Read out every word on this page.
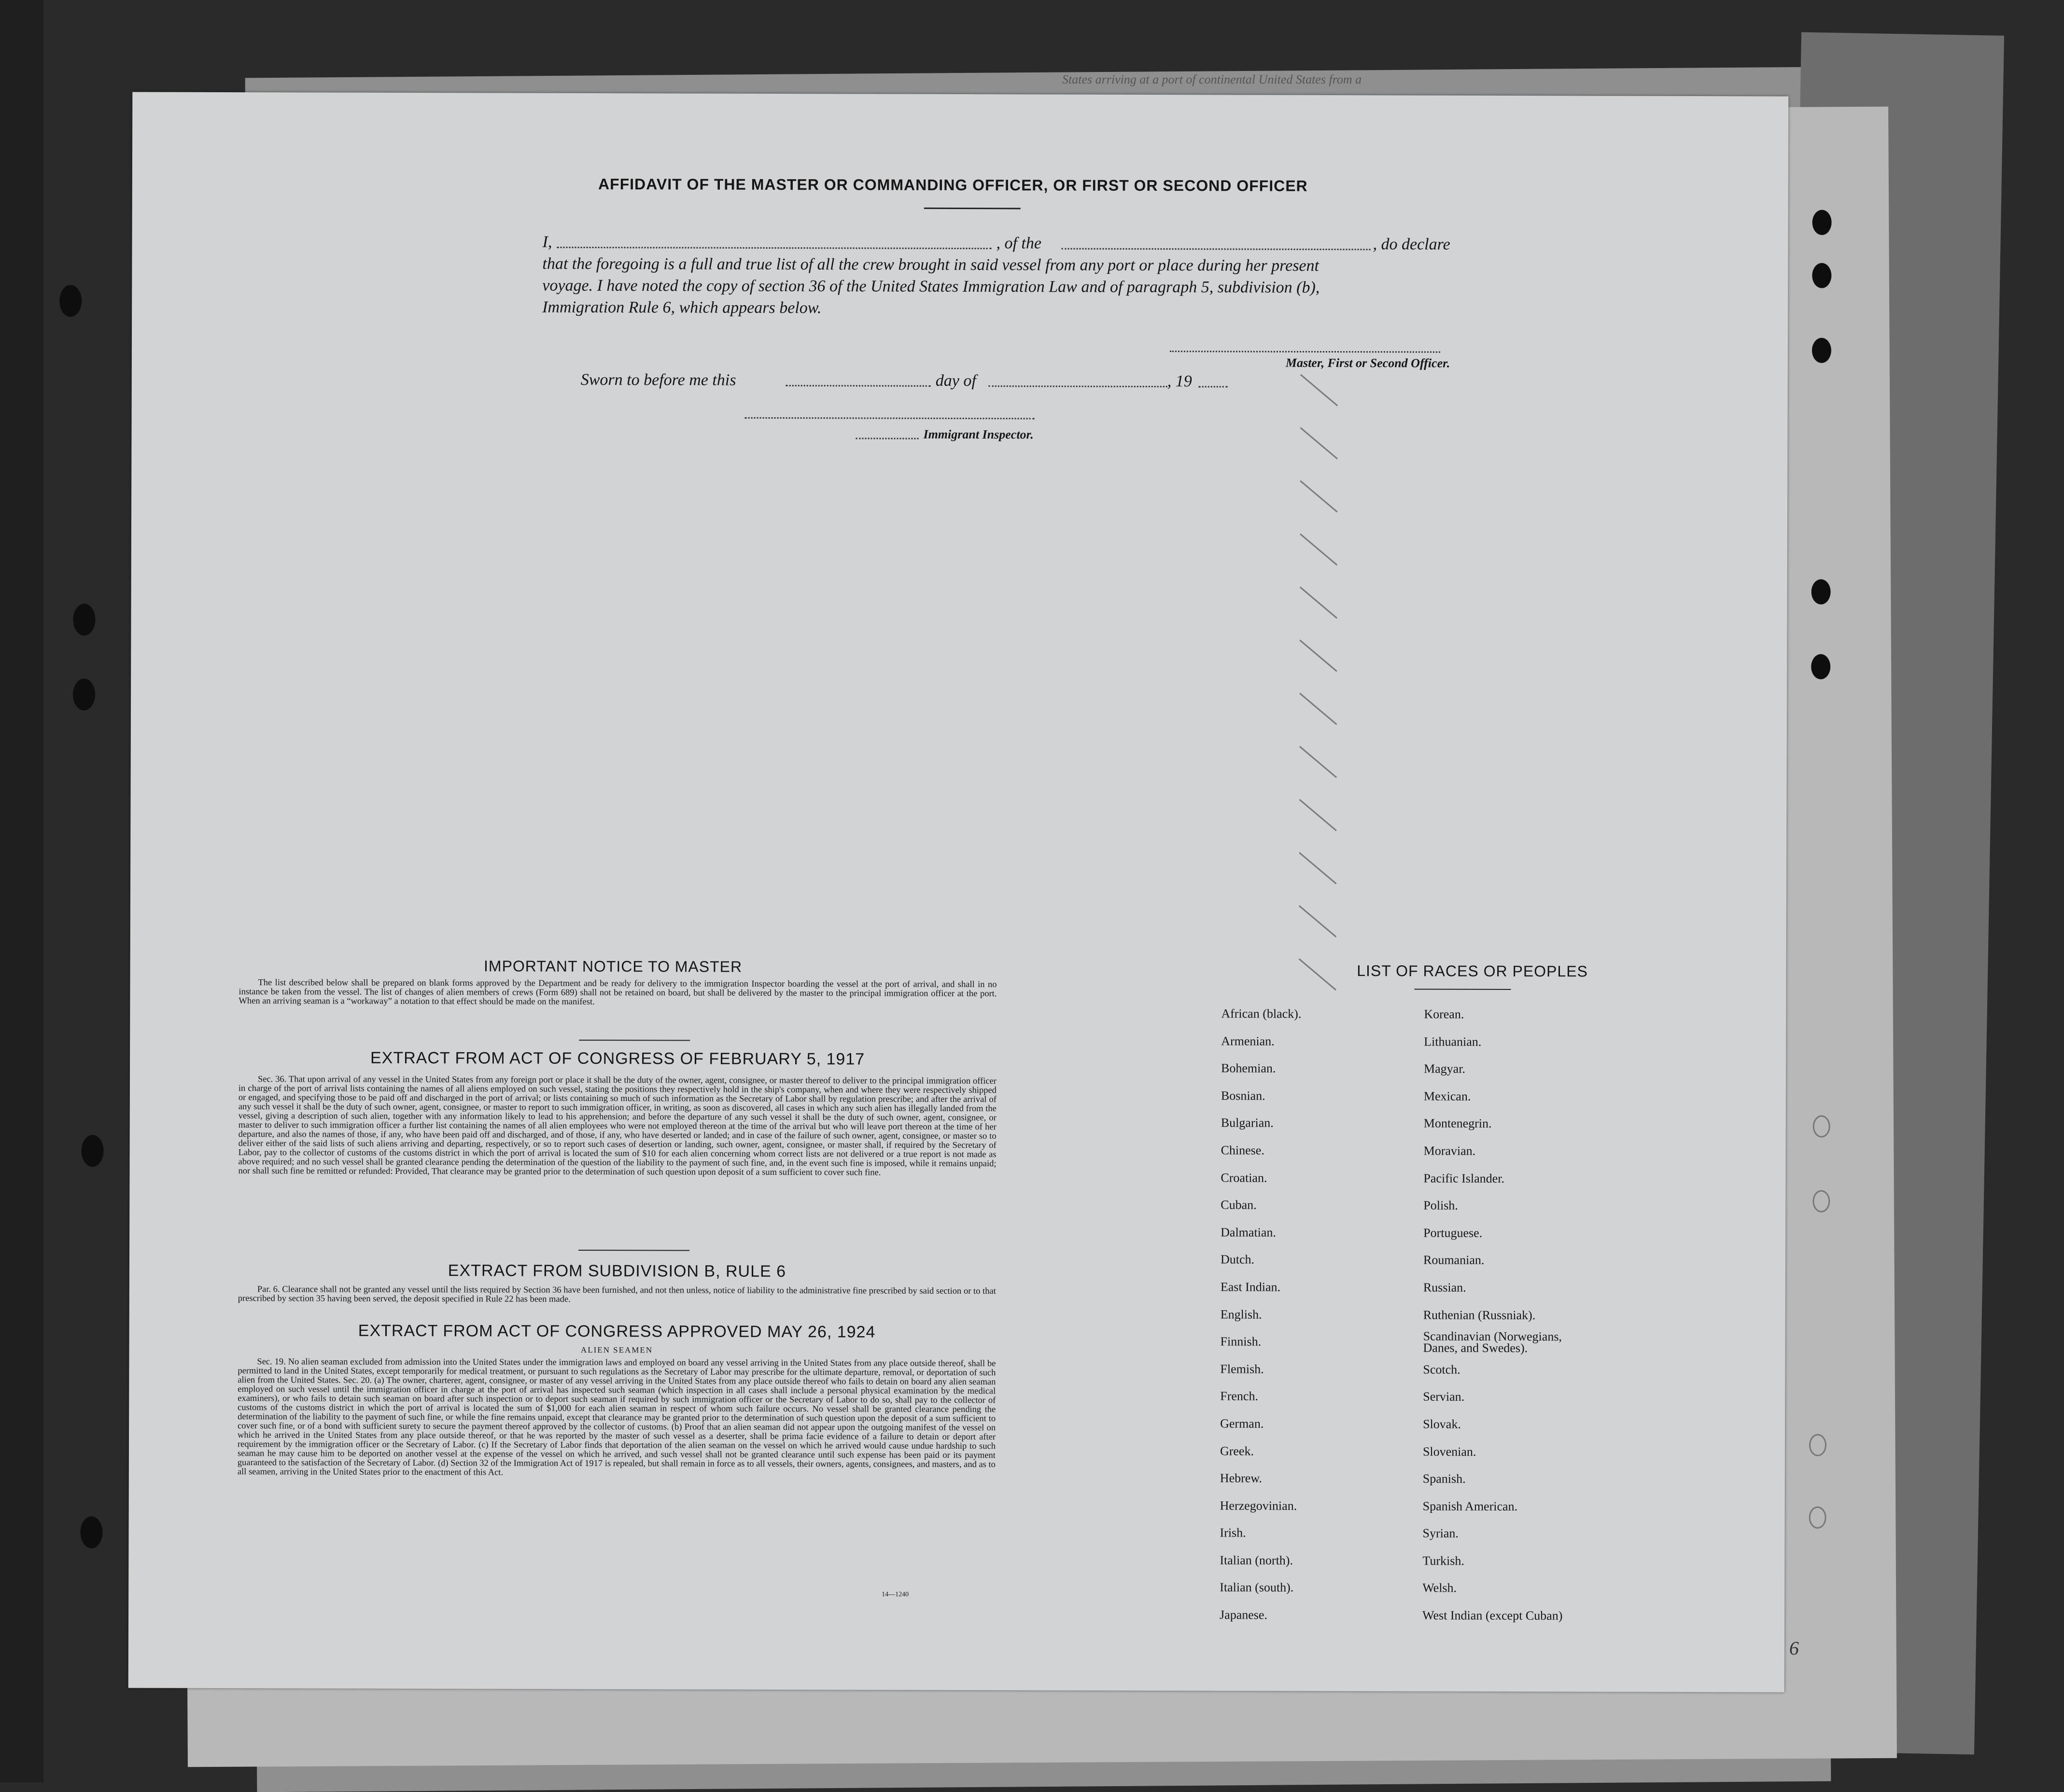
States arriving at a port of continental United States from a
AFFIDAVIT OF THE MASTER OR COMMANDING OFFICER, OR FIRST OR SECOND OFFICER
I,	, of the	, do declare
that the foregoing is a full and true list of all the crew brought in said vessel from any port or place during her present
voyage. I have noted the copy of section 36 of the United States Immigration Law and of paragraph 5, subdivision (b),
Immigration Rule 6, which appears below.
Master, First or Second Officer.
Sworn to before me this	day of	, 19
Immigrant Inspector.
IMPORTANT NOTICE TO MASTER

The list described below shall be prepared on blank forms approved by the Department and be ready for delivery to the immigration Inspector boarding the vessel at the port of arrival, and shall in no instance be taken from the vessel. The list of changes of alien members of crews (Form 689) shall not be retained on board, but shall be delivered by the master to the principal immigration officer at the port. When an arriving seaman is a “workaway” a notation to that effect should be made on the manifest.

EXTRACT FROM ACT OF CONGRESS OF FEBRUARY 5, 1917

Sec. 36. That upon arrival of any vessel in the United States from any foreign port or place it shall be the duty of the owner, agent, consignee, or master thereof to deliver to the principal immigration officer in charge of the port of arrival lists containing the names of all aliens employed on such vessel, stating the positions they respectively hold in the ship's company, when and where they were respectively shipped or engaged, and specifying those to be paid off and discharged in the port of arrival; or lists containing so much of such information as the Secretary of Labor shall by regulation prescribe; and after the arrival of any such vessel it shall be the duty of such owner, agent, consignee, or master to report to such immigration officer, in writing, as soon as discovered, all cases in which any such alien has illegally landed from the vessel, giving a description of such alien, together with any information likely to lead to his apprehension; and before the departure of any such vessel it shall be the duty of such owner, agent, consignee, or master to deliver to such immigration officer a further list containing the names of all alien employees who were not employed thereon at the time of the arrival but who will leave port thereon at the time of her departure, and also the names of those, if any, who have been paid off and discharged, and of those, if any, who have deserted or landed; and in case of the failure of such owner, agent, consignee, or master so to deliver either of the said lists of such aliens arriving and departing, respectively, or so to report such cases of desertion or landing, such owner, agent, consignee, or master shall, if required by the Secretary of Labor, pay to the collector of customs of the customs district in which the port of arrival is located the sum of $10 for each alien concerning whom correct lists are not delivered or a true report is not made as above required; and no such vessel shall be granted clearance pending the determination of the question of the liability to the payment of such fine, and, in the event such fine is imposed, while it remains unpaid; nor shall such fine be remitted or refunded: Provided, That clearance may be granted prior to the determination of such question upon deposit of a sum sufficient to cover such fine.

EXTRACT FROM SUBDIVISION B, RULE 6

Par. 6. Clearance shall not be granted any vessel until the lists required by Section 36 have been furnished, and not then unless, notice of liability to the administrative fine prescribed by said section or to that prescribed by section 35 having been served, the deposit specified in Rule 22 has been made.

EXTRACT FROM ACT OF CONGRESS APPROVED MAY 26, 1924
ALIEN SEAMEN

Sec. 19. No alien seaman excluded from admission into the United States under the immigration laws and employed on board any vessel arriving in the United States from any place outside thereof, shall be permitted to land in the United States, except temporarily for medical treatment, or pursuant to such regulations as the Secretary of Labor may prescribe for the ultimate departure, removal, or deportation of such alien from the United States. Sec. 20. (a) The owner, charterer, agent, consignee, or master of any vessel arriving in the United States from any place outside thereof who fails to detain on board any alien seaman employed on such vessel until the immigration officer in charge at the port of arrival has inspected such seaman (which inspection in all cases shall include a personal physical examination by the medical examiners), or who fails to detain such seaman on board after such inspection or to deport such seaman if required by such immigration officer or the Secretary of Labor to do so, shall pay to the collector of customs of the customs district in which the port of arrival is located the sum of $1,000 for each alien seaman in respect of whom such failure occurs. No vessel shall be granted clearance pending the determination of the liability to the payment of such fine, or while the fine remains unpaid, except that clearance may be granted prior to the determination of such question upon the deposit of a sum sufficient to cover such fine, or of a bond with sufficient surety to secure the payment thereof approved by the collector of customs. (b) Proof that an alien seaman did not appear upon the outgoing manifest of the vessel on which he arrived in the United States from any place outside thereof, or that he was reported by the master of such vessel as a deserter, shall be prima facie evidence of a failure to detain or deport after requirement by the immigration officer or the Secretary of Labor. (c) If the Secretary of Labor finds that deportation of the alien seaman on the vessel on which he arrived would cause undue hardship to such seaman he may cause him to be deported on another vessel at the expense of the vessel on which he arrived, and such vessel shall not be granted clearance until such expense has been paid or its payment guaranteed to the satisfaction of the Secretary of Labor. (d) Section 32 of the Immigration Act of 1917 is repealed, but shall remain in force as to all vessels, their owners, agents, consignees, and masters, and as to all seamen, arriving in the United States prior to the enactment of this Act.

14—1240
LIST OF RACES OR PEOPLES
African (black).
Armenian.
Bohemian.
Bosnian.
Bulgarian.
Chinese.
Croatian.
Cuban.
Dalmatian.
Dutch.
East Indian.
English.
Finnish.
Flemish.
French.
German.
Greek.
Hebrew.
Herzegovinian.
Irish.
Italian (north).
Italian (south).
Japanese.
Korean.
Lithuanian.
Magyar.
Mexican.
Montenegrin.
Moravian.
Pacific Islander.
Polish.
Portuguese.
Roumanian.
Russian.
Ruthenian (Russniak).
Scandinavian (Norwegians, Danes, and Swedes).
Scotch.
Servian.
Slovak.
Slovenian.
Spanish.
Spanish American.
Syrian.
Turkish.
Welsh.
West Indian (except Cuban)
6
